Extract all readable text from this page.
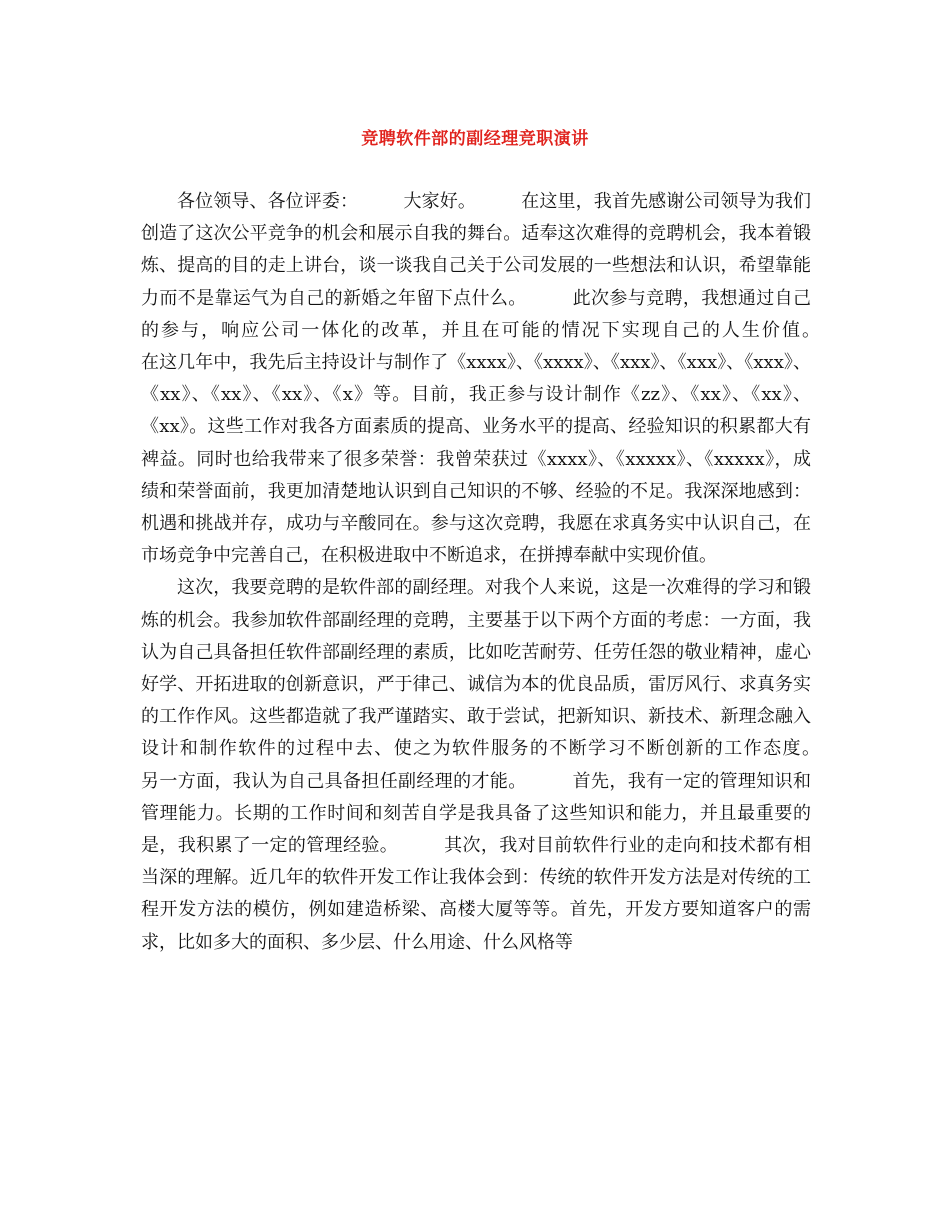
竞聘软件部的副经理竞职演讲

各位领导、各位评委：　　　大家好。　　　在这里，我首先感谢公司领导为我们创造了这次公平竞争的机会和展示自我的舞台。适奉这次难得的竞聘机会，我本着锻炼、提高的目的走上讲台，谈一谈我自己关于公司发展的一些想法和认识，希望靠能力而不是靠运气为自己的新婚之年留下点什么。　　　此次参与竞聘，我想通过自己的参与，响应公司一体化的改革，并且在可能的情况下实现自己的人生价值。　　　在这几年中，我先后主持设计与制作了《xxxx》、《xxxx》、《xxx》、《xxx》、《xxx》、《xx》、《xx》、《xx》、《x》等。目前，我正参与设计制作《zz》、《xx》、《xx》、《xx》。这些工作对我各方面素质的提高、业务水平的提高、经验知识的积累都大有裨益。同时也给我带来了很多荣誉：我曾荣获过《xxxx》、《xxxxx》、《xxxxx》，成绩和荣誉面前，我更加清楚地认识到自己知识的不够、经验的不足。我深深地感到：机遇和挑战并存，成功与辛酸同在。参与这次竞聘，我愿在求真务实中认识自己，在市场竞争中完善自己，在积极进取中不断追求，在拼搏奉献中实现价值。

这次，我要竞聘的是软件部的副经理。对我个人来说，这是一次难得的学习和锻炼的机会。我参加软件部副经理的竞聘，主要基于以下两个方面的考虑：一方面，我认为自己具备担任软件部副经理的素质，比如吃苦耐劳、任劳任怨的敬业精神，虚心好学、开拓进取的创新意识，严于律己、诚信为本的优良品质，雷厉风行、求真务实的工作作风。这些都造就了我严谨踏实、敢于尝试，把新知识、新技术、新理念融入设计和制作软件的过程中去、使之为软件服务的不断学习不断创新的工作态度。　　　另一方面，我认为自己具备担任副经理的才能。　　　首先，我有一定的管理知识和管理能力。长期的工作时间和刻苦自学是我具备了这些知识和能力，并且最重要的是，我积累了一定的管理经验。　　　其次，我对目前软件行业的走向和技术都有相当深的理解。近几年的软件开发工作让我体会到：传统的软件开发方法是对传统的工程开发方法的模仿，例如建造桥梁、高楼大厦等等。首先，开发方要知道客户的需求，比如多大的面积、多少层、什么用途、什么风格等
